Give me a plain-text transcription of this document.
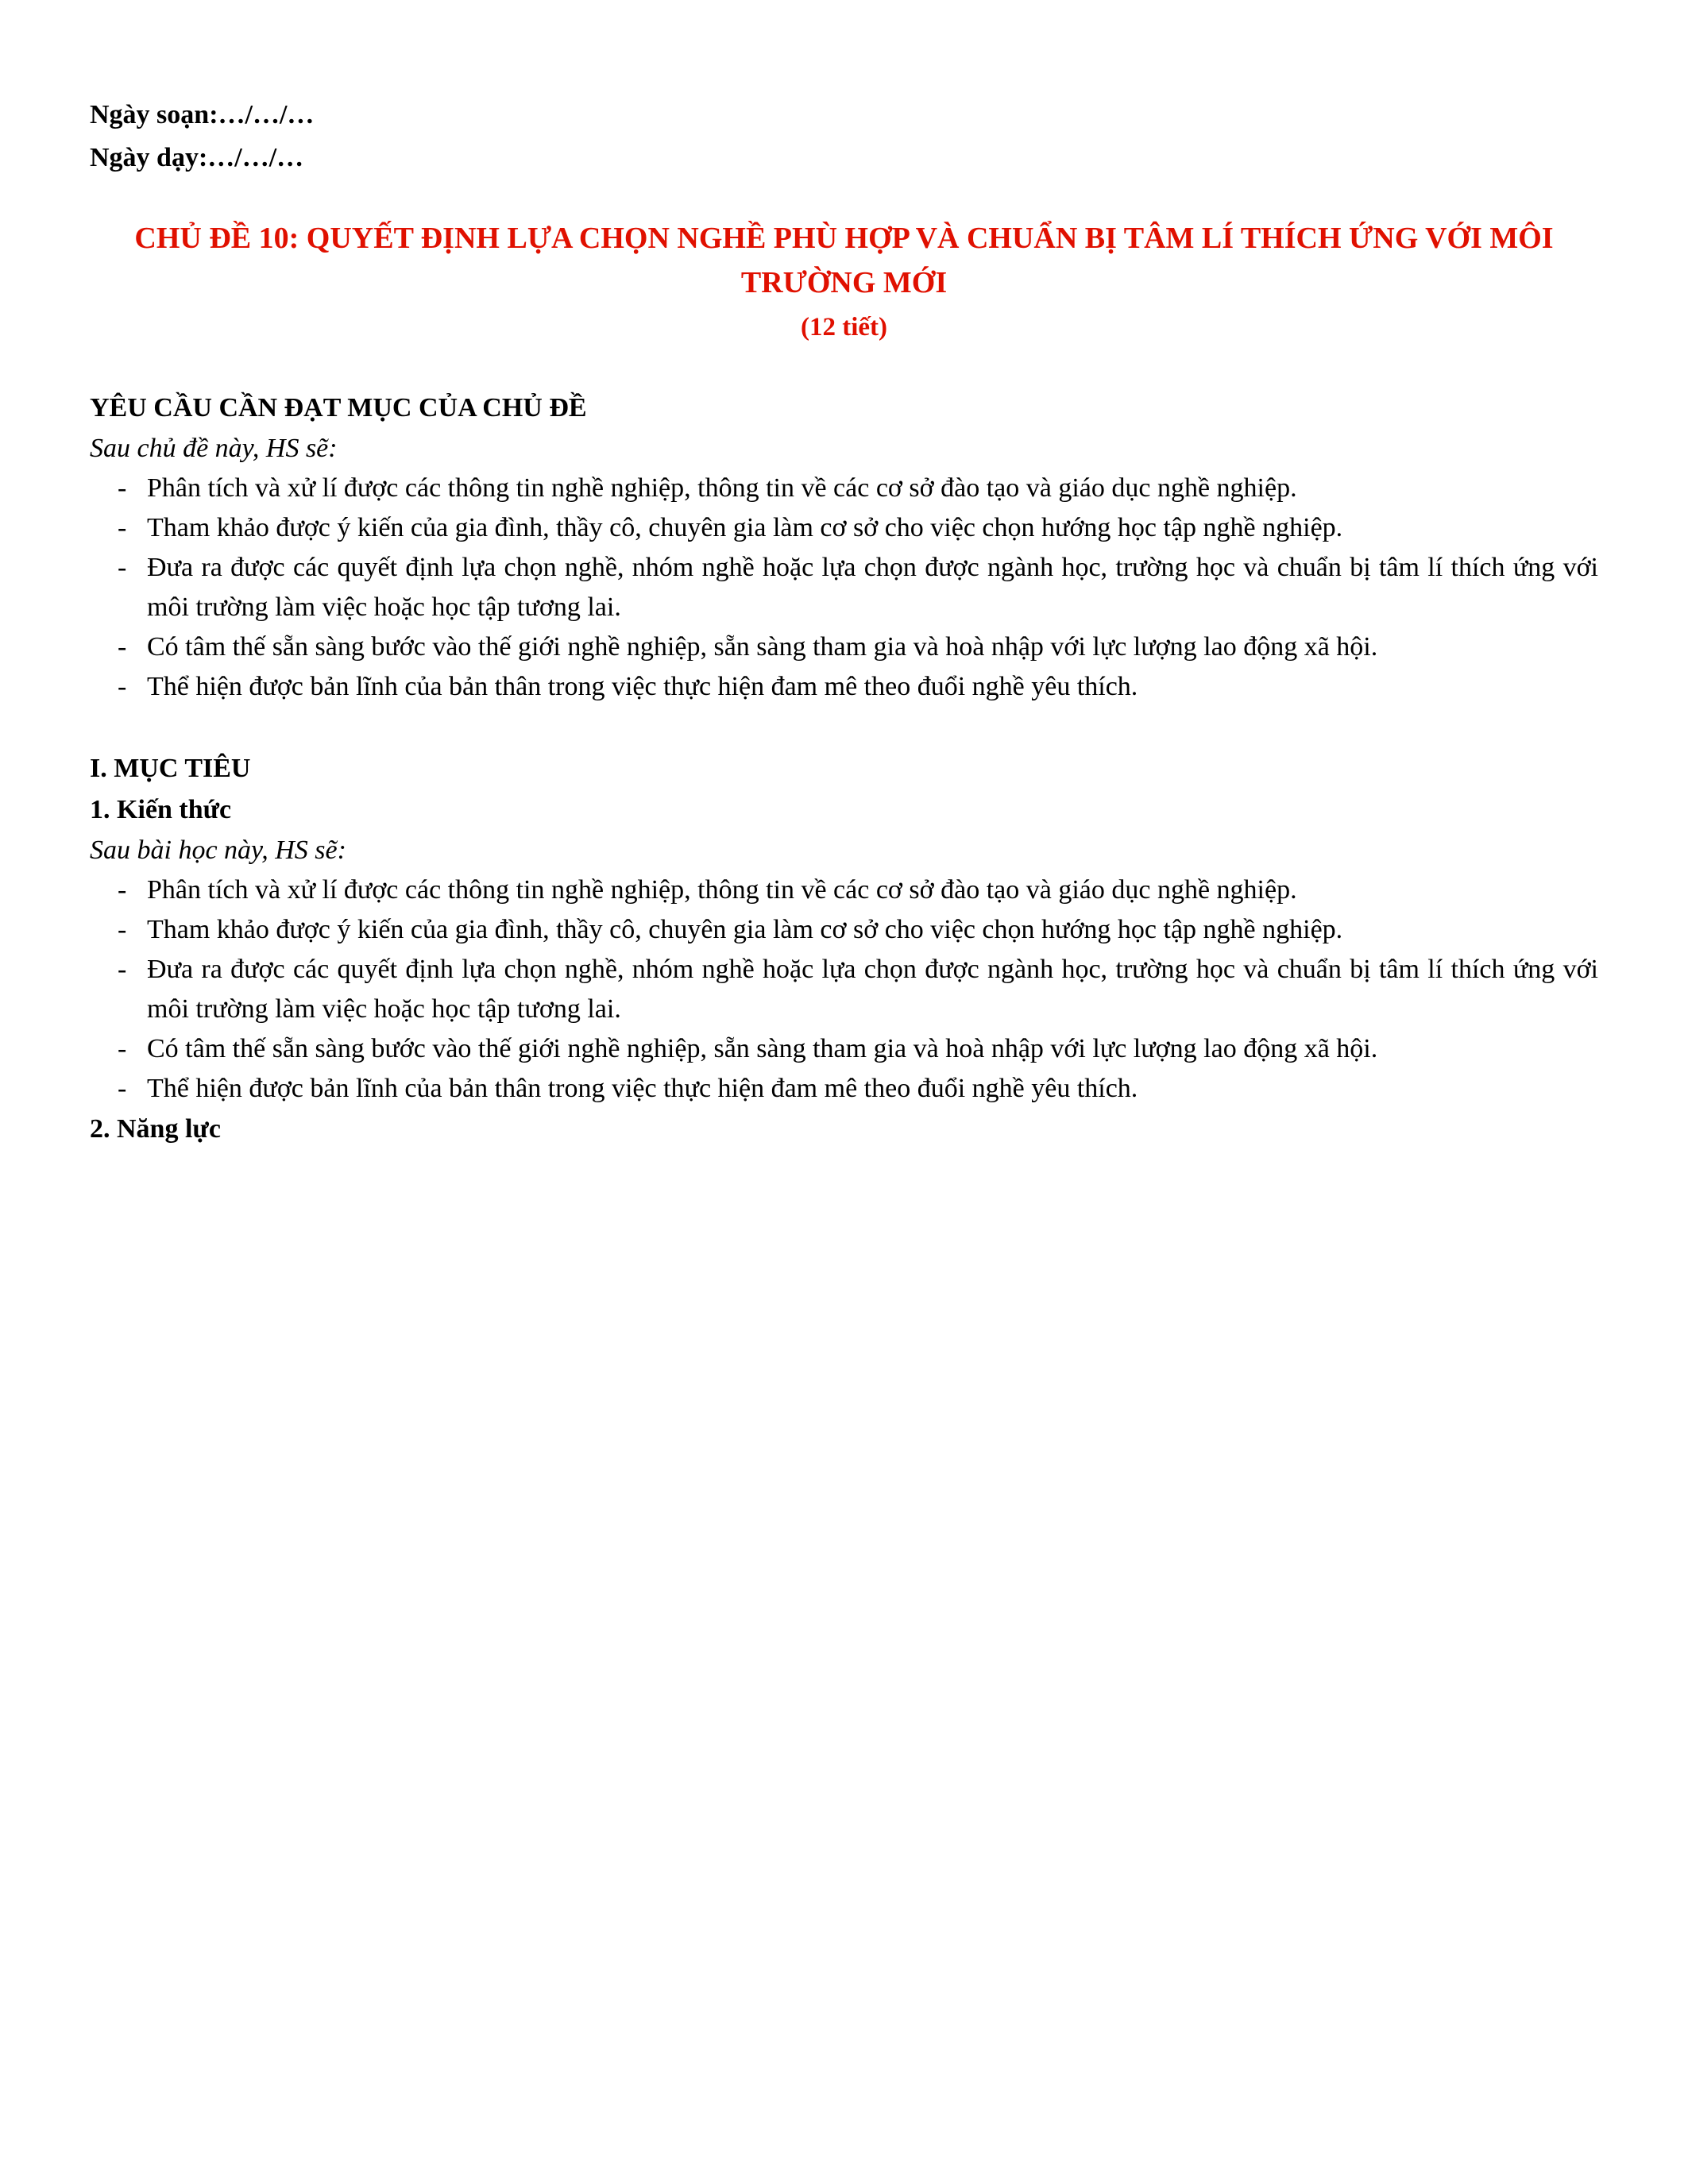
Ngày soạn:…/…/…

Ngày dạy:…/…/…

CHỦ ĐỀ 10: QUYẾT ĐỊNH LỰA CHỌN NGHỀ PHÙ HỢP VÀ CHUẨN BỊ TÂM LÍ THÍCH ỨNG VỚI MÔI TRƯỜNG MỚI

(12 tiết)

YÊU CẦU CẦN ĐẠT MỤC CỦA CHỦ ĐỀ

Sau chủ đề này, HS sẽ:

- Phân tích và xử lí được các thông tin nghề nghiệp, thông tin về các cơ sở đào tạo và giáo dục nghề nghiệp.
- Tham khảo được ý kiến của gia đình, thầy cô, chuyên gia làm cơ sở cho việc chọn hướng học tập nghề nghiệp.
- Đưa ra được các quyết định lựa chọn nghề, nhóm nghề hoặc lựa chọn được ngành học, trường học và chuẩn bị tâm lí thích ứng với môi trường làm việc hoặc học tập tương lai.
- Có tâm thế sẵn sàng bước vào thế giới nghề nghiệp, sẵn sàng tham gia và hoà nhập với lực lượng lao động xã hội.
- Thể hiện được bản lĩnh của bản thân trong việc thực hiện đam mê theo đuổi nghề yêu thích.
I. MỤC TIÊU
1. Kiến thức

Sau bài học này, HS sẽ:

- Phân tích và xử lí được các thông tin nghề nghiệp, thông tin về các cơ sở đào tạo và giáo dục nghề nghiệp.
- Tham khảo được ý kiến của gia đình, thầy cô, chuyên gia làm cơ sở cho việc chọn hướng học tập nghề nghiệp.
- Đưa ra được các quyết định lựa chọn nghề, nhóm nghề hoặc lựa chọn được ngành học, trường học và chuẩn bị tâm lí thích ứng với môi trường làm việc hoặc học tập tương lai.
- Có tâm thế sẵn sàng bước vào thế giới nghề nghiệp, sẵn sàng tham gia và hoà nhập với lực lượng lao động xã hội.
- Thể hiện được bản lĩnh của bản thân trong việc thực hiện đam mê theo đuổi nghề yêu thích.
2. Năng lực
